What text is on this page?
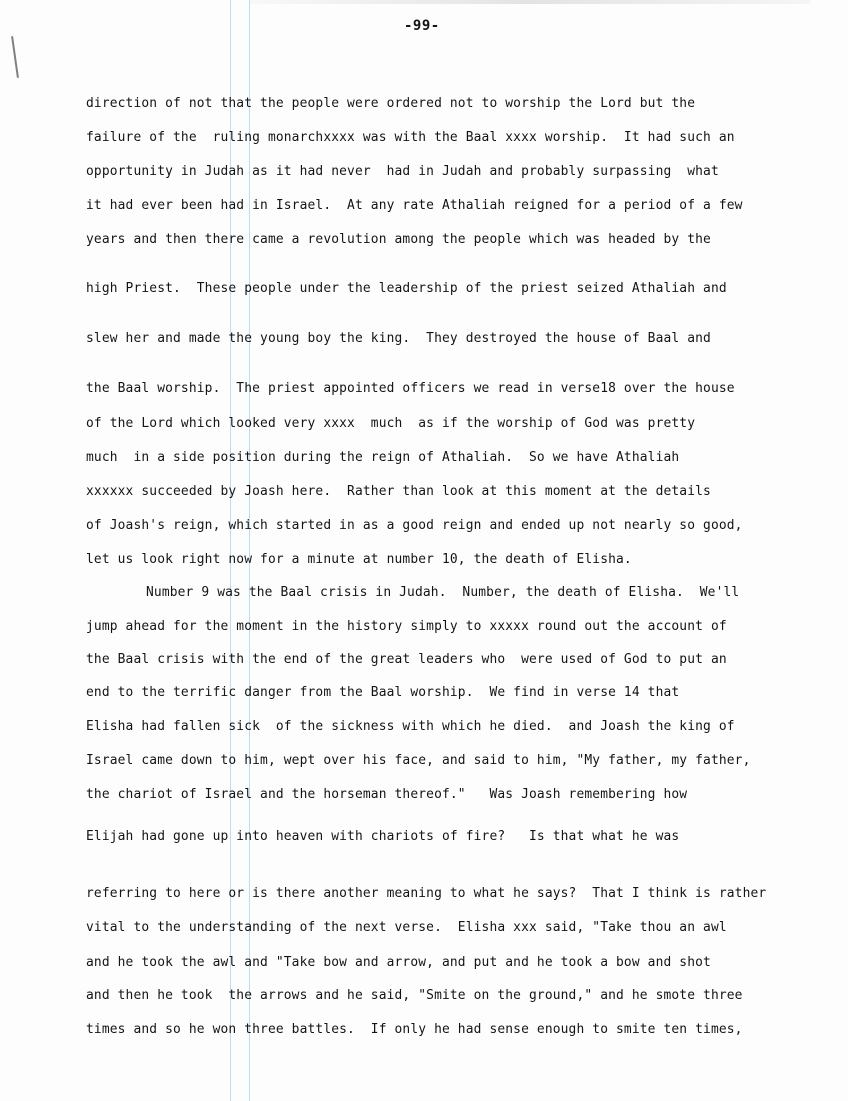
-99-
direction of not that the people were ordered not to worship the Lord but the
failure of the  ruling monarchxxxx was with the Baal xxxx worship.  It had such an
opportunity in Judah as it had never  had in Judah and probably surpassing  what
it had ever been had in Israel.  At any rate Athaliah reigned for a period of a few
years and then there came a revolution among the people which was headed by the
high Priest.  These people under the leadership of the priest seized Athaliah and
slew her and made the young boy the king.  They destroyed the house of Baal and
the Baal worship.  The priest appointed officers we read in verse18 over the house
of the Lord which looked very xxxx  much  as if the worship of God was pretty
much  in a side position during the reign of Athaliah.  So we have Athaliah
xxxxxx succeeded by Joash here.  Rather than look at this moment at the details
of Joash's reign, which started in as a good reign and ended up not nearly so good,
let us look right now for a minute at number 10, the death of Elisha.
Number 9 was the Baal crisis in Judah.  Number, the death of Elisha.  We'll
jump ahead for the moment in the history simply to xxxxx round out the account of
the Baal crisis with the end of the great leaders who  were used of God to put an
end to the terrific danger from the Baal worship.  We find in verse 14 that
Elisha had fallen sick  of the sickness with which he died.  and Joash the king of
Israel came down to him, wept over his face, and said to him, "My father, my father,
the chariot of Israel and the horseman thereof."   Was Joash remembering how
Elijah had gone up into heaven with chariots of fire?   Is that what he was
referring to here or is there another meaning to what he says?  That I think is rather
vital to the understanding of the next verse.  Elisha xxx said, "Take thou an awl
and he took the awl and "Take bow and arrow, and put and he took a bow and shot
and then he took  the arrows and he said, "Smite on the ground," and he smote three
times and so he won three battles.  If only he had sense enough to smite ten times,
